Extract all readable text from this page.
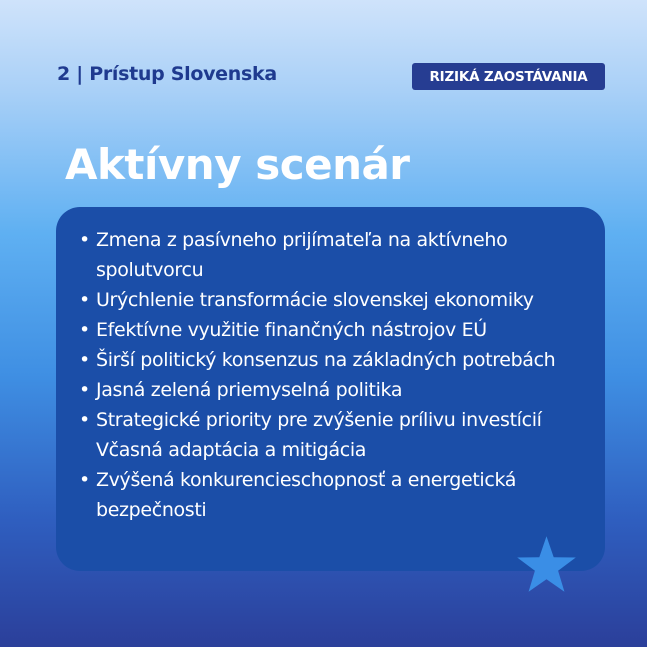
2 | Prístup Slovenska	RIZIKÁ ZAOSTÁVANIA
Aktívny scenár
• Zmena z pasívneho prijímateľa na aktívneho spolutvorcu
• Urýchlenie transformácie slovenskej ekonomiky
• Efektívne využitie finančných nástrojov EÚ
• Širší politický konsenzus na základných potrebách
• Jasná zelená priemyselná politika
• Strategické priority pre zvýšenie prílivu investícií
Včasná adaptácia a mitigácia
• Zvýšená konkurencieschopnosť a energetická bezpečnosti
